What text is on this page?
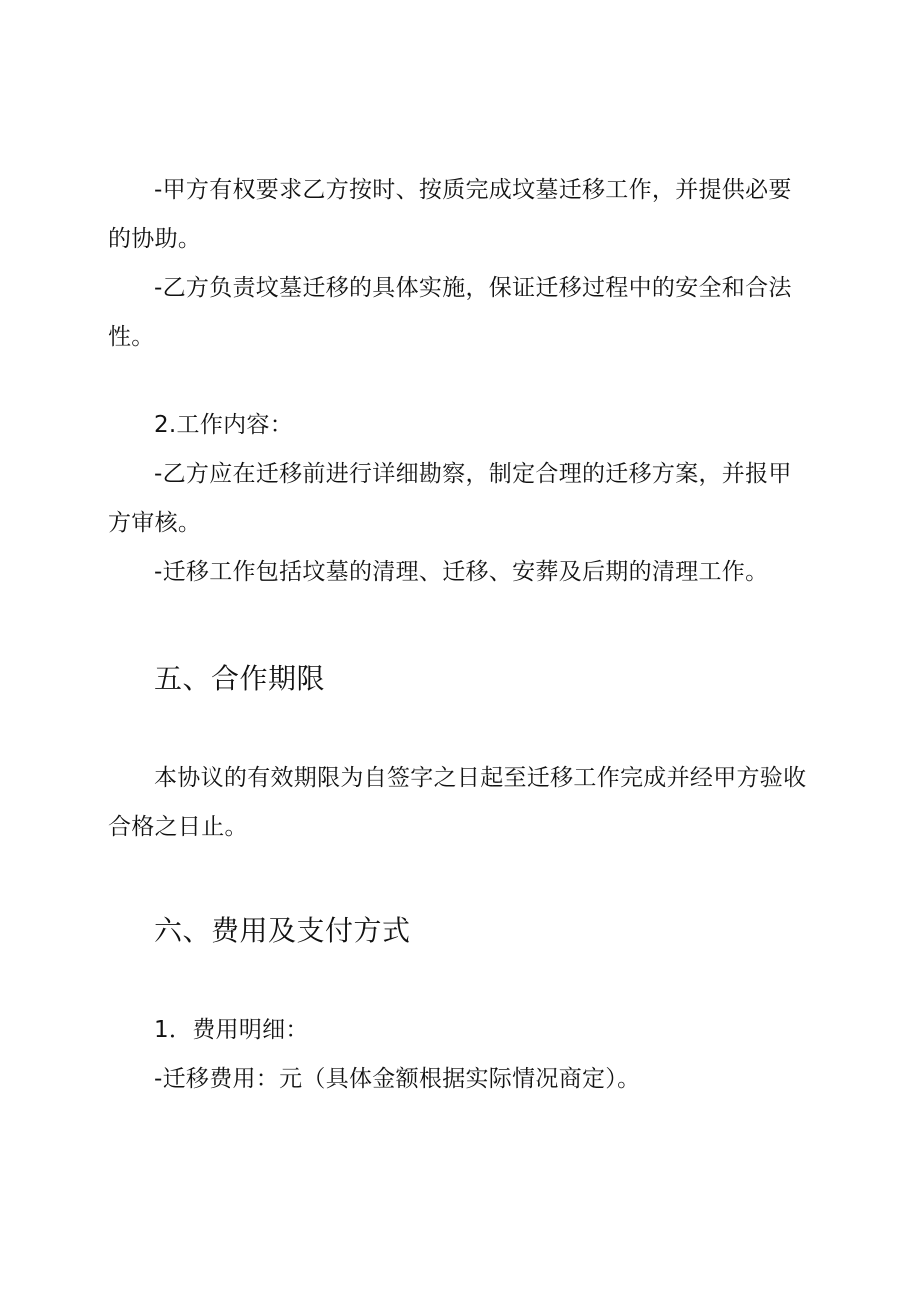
-甲方有权要求乙方按时、按质完成坟墓迁移工作，并提供必要的协助。

-乙方负责坟墓迁移的具体实施，保证迁移过程中的安全和合法性。

2.工作内容：

-乙方应在迁移前进行详细勘察，制定合理的迁移方案，并报甲方审核。

-迁移工作包括坟墓的清理、迁移、安葬及后期的清理工作。

五、合作期限

本协议的有效期限为自签字之日起至迁移工作完成并经甲方验收合格之日止。

六、费用及支付方式

1．费用明细：

-迁移费用：元（具体金额根据实际情况商定）。
